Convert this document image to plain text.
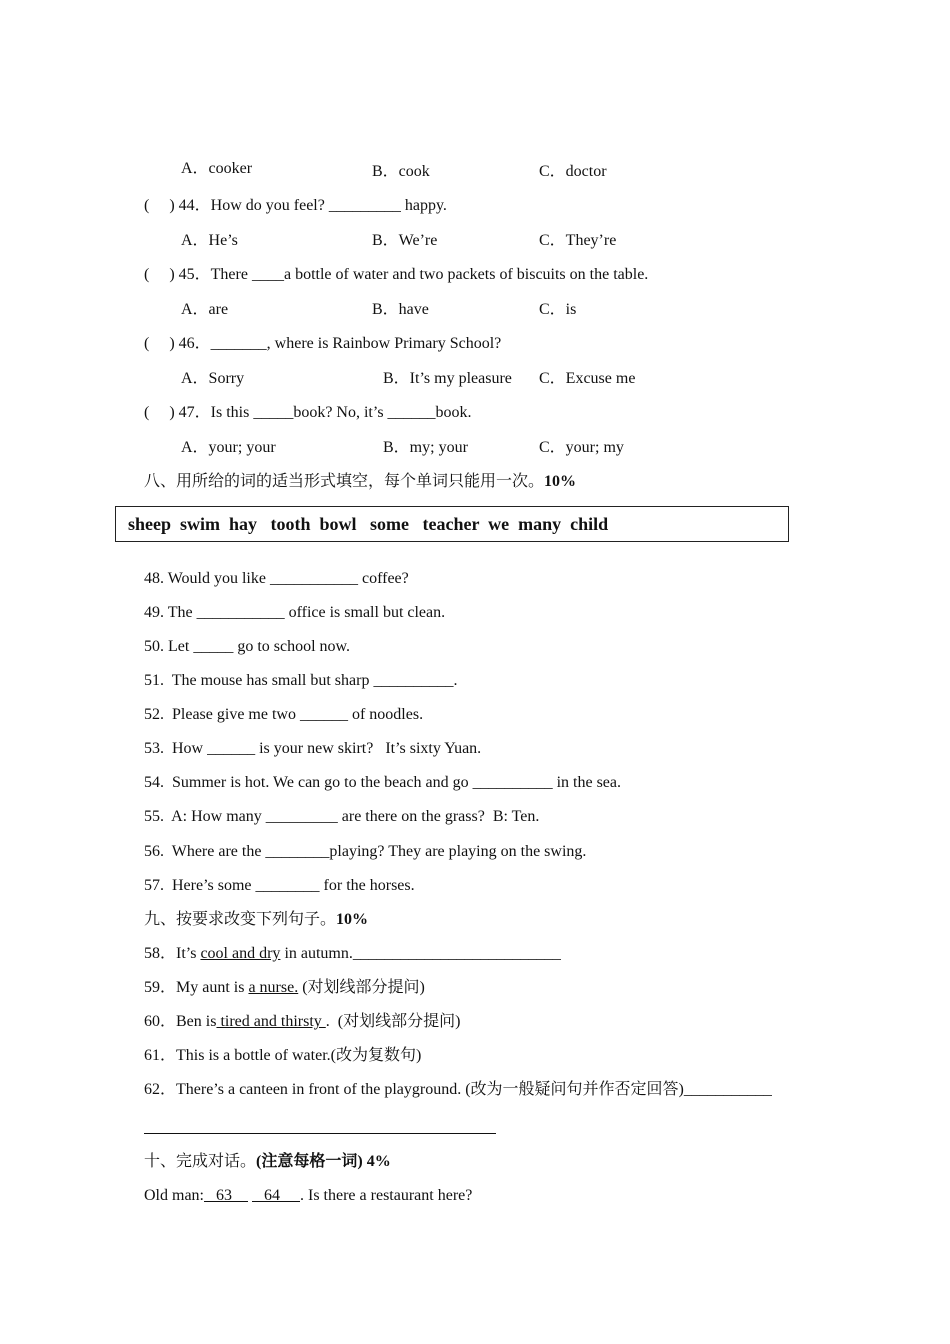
A．cooker	B．cook	C．doctor
(     ) 44．How do you feel? _________ happy.
A．He’s	B．We’re	C．They’re
(     ) 45．There ____a bottle of water and two packets of biscuits on the table.
A．are	B．have	C．is
(     ) 46．_______, where is Rainbow Primary School?
A．Sorry	B．It’s my pleasure C．Excuse me
(     ) 47．Is this _____book? No, it’s ______book.
A．your; your	B．my; your	C．your; my
八、用所给的词的适当形式填空，每个单词只能用一次。10%
sheep  swim  hay   tooth  bowl   some   teacher  we  many  child
48. Would you like ___________ coffee?
49. The ___________ office is small but clean.
50. Let _____ go to school now.
51.  The mouse has small but sharp __________.
52.  Please give me two ______ of noodles.
53.  How ______ is your new skirt?   It’s sixty Yuan.
54.  Summer is hot. We can go to the beach and go __________ in the sea.
55.  A: How many _________ are there on the grass?  B: Ten.
56.  Where are the ________playing? They are playing on the swing.
57.  Here’s some ________ for the horses.
九、按要求改变下列句子。10%
58．It’s cool and dry in autumn.__________________________
59．My aunt is a nurse. (对划线部分提问)
60．Ben is tired and thirsty .  (对划线部分提问)
61．This is a bottle of water.(改为复数句)
62．There’s a canteen in front of the playground. (改为一般疑问句并作否定回答)___________
十、完成对话。(注意每格一词) 4%
Old man:   63        64     . Is there a restaurant here?
